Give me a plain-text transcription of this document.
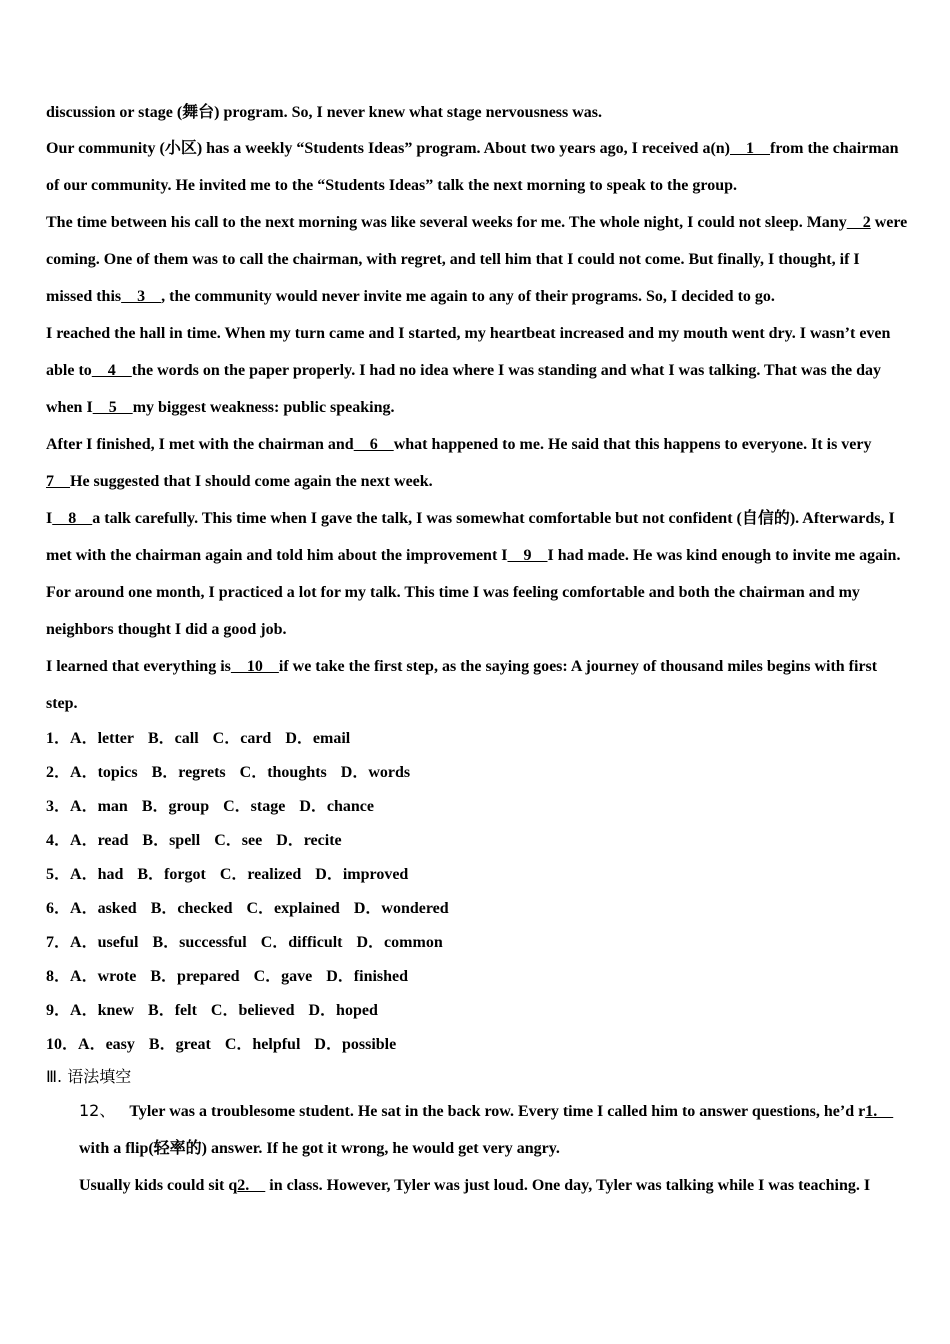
discussion or stage (舞台) program. So, I never knew what stage nervousness was.

Our community (小区) has a weekly “Students Ideas” program. About two years ago, I received a(n)    1    from the chairman of our community. He invited me to the “Students Ideas” talk the next morning to speak to the group.

The time between his call to the next morning was like several weeks for me. The whole night, I could not sleep. Many    2 were coming. One of them was to call the chairman, with regret, and tell him that I could not come. But finally, I thought, if I missed this    3    , the community would never invite me again to any of their programs. So, I decided to go.

I reached the hall in time. When my turn came and I started, my heartbeat increased and my mouth went dry. I wasn’t even able to    4    the words on the paper properly. I had no idea where I was standing and what I was talking. That was the day when I    5    my biggest weakness: public speaking.

After I finished, I met with the chairman and    6    what happened to me. He said that this happens to everyone. It is very
7    He suggested that I should come again the next week.

I    8    a talk carefully. This time when I gave the talk, I was somewhat comfortable but not confident (自信的). Afterwards, I met with the chairman again and told him about the improvement I    9    I had made. He was kind enough to invite me again.

For around one month, I practiced a lot for my talk. This time I was feeling comfortable and both the chairman and my neighbors thought I did a good job.

I learned that everything is    10    if we take the first step, as the saying goes: A journey of thousand miles begins with first step.

1．A．letter B．call C．card D．email
2．A．topics B．regrets C．thoughts D．words
3．A．man B．group C．stage D．chance
4．A．read B．spell C．see D．recite
5．A．had B．forgot C．realized D．improved
6．A．asked B．checked C．explained D．wondered
7．A．useful B．successful C．difficult D．common
8．A．wrote B．prepared C．gave D．finished
9．A．knew B．felt C．believed D．hoped
10．A．easy B．great C．helpful D．possible
Ⅲ. 语法填空

12、 Tyler was a troublesome student. He sat in the back row. Every time I called him to answer questions, he’d r1.     with a flip(轻率的) answer. If he got it wrong, he would get very angry.

Usually kids could sit q2.     in class. However, Tyler was just loud. One day, Tyler was talking while I was teaching. I
